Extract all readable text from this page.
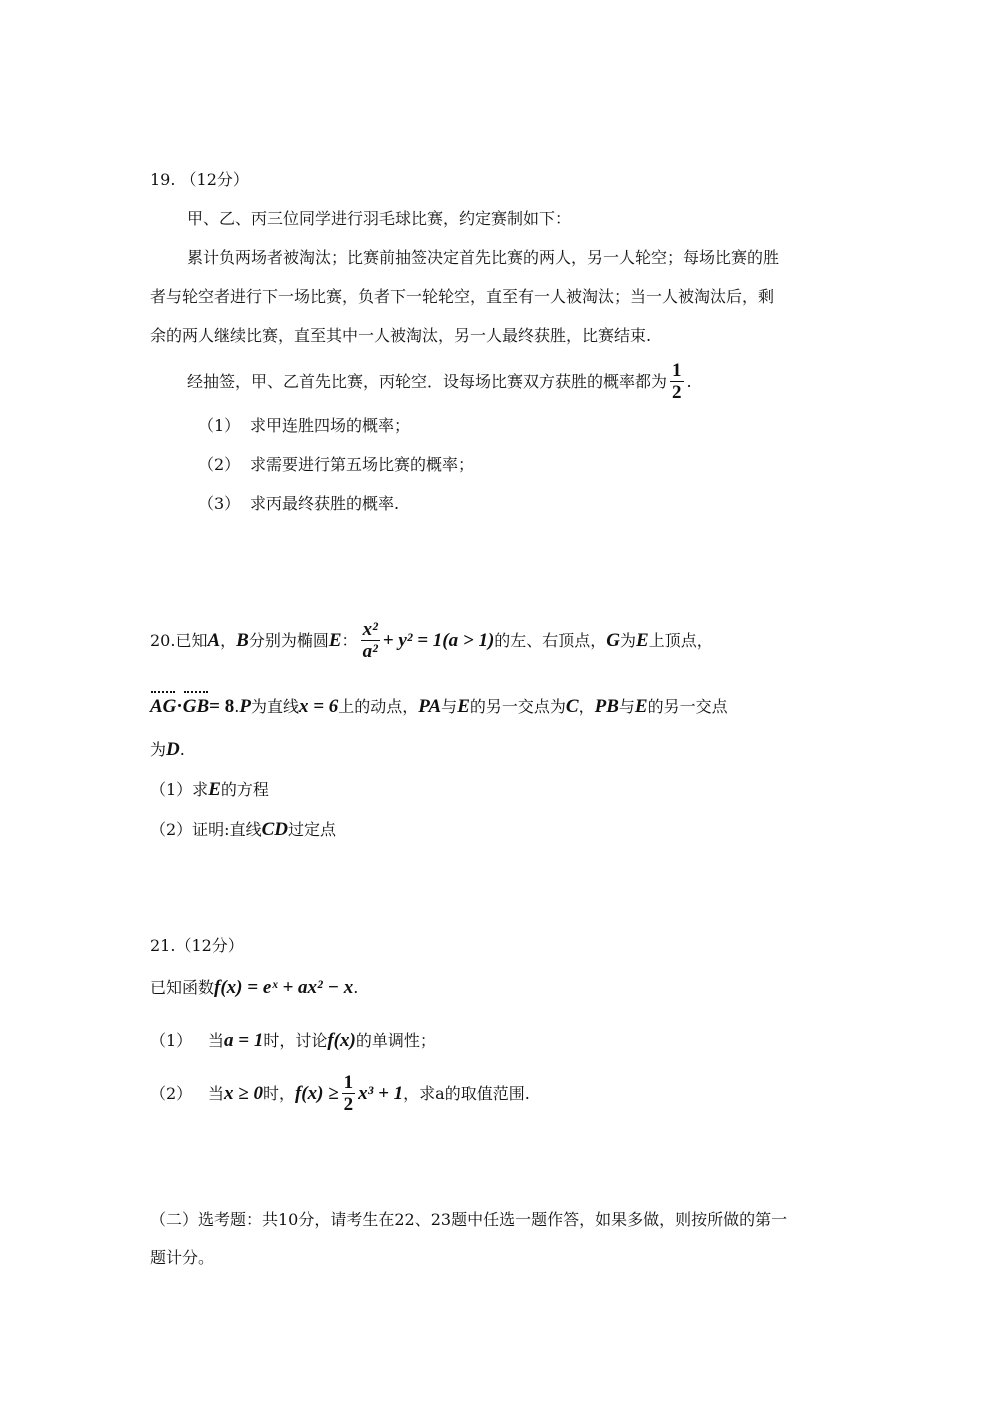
19. （12分）
甲、乙、丙三位同学进行羽毛球比赛，约定赛制如下：
累计负两场者被淘汰；比赛前抽签决定首先比赛的两人，另一人轮空；每场比赛的胜
者与轮空者进行下一场比赛，负者下一轮轮空，直至有一人被淘汰；当一人被淘汰后，剩
余的两人继续比赛，直至其中一人被淘汰，另一人最终获胜，比赛结束.
经抽签，甲、乙首先比赛，丙轮空．设每场比赛双方获胜的概率都为 $\frac{1}{2}$ .
（1） 求甲连胜四场的概率；
（2） 求需要进行第五场比赛的概率；
（3） 求丙最终获胜的概率.
20.已知A，B分别为椭圆E： $\frac{\text{x²}}{\text{a²}} + y^2 = 1(a > 1)$的左、右顶点，G为E上顶点，
AG·GB= 8.P为直线x = 6上的动点，PA与E的另一交点为C，PB与E的另一交点
为D.
（1）求E的方程
（2）证明:直线CD过定点
21.（12分）
已知函数f(x) = eˣ + ax² − x.
（1） 当a = 1时，讨论f(x)的单调性；
（2） 当x ≥ 0时，$f(x) \ge \frac{1}{2} x^3 + 1$，求a的取值范围.
（二）选考题：共10分，请考生在22、23题中任选一题作答，如果多做，则按所做的第一
题计分。
